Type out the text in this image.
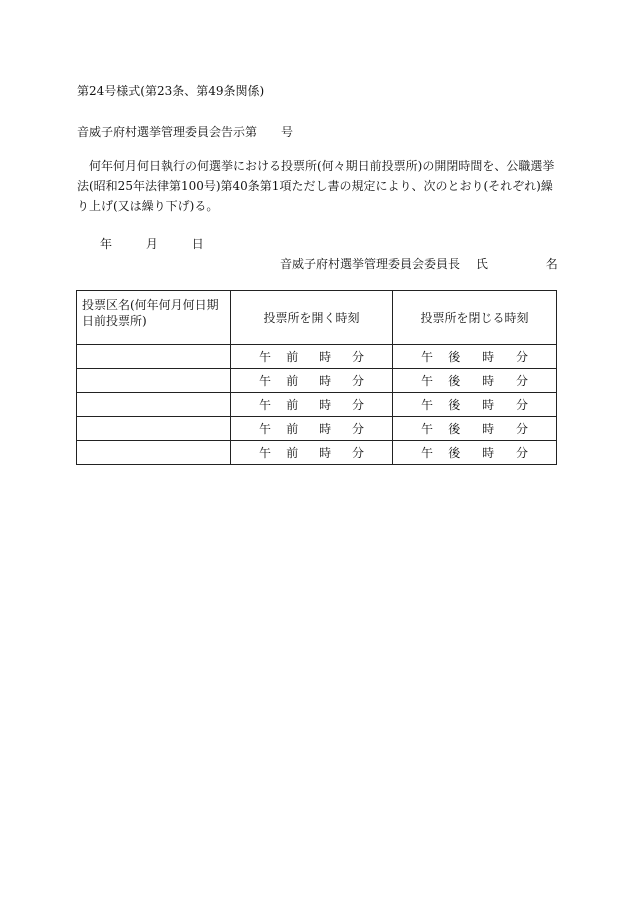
第24号様式(第23条、第49条関係)
音威子府村選挙管理委員会告示第　　号
何年何月何日執行の何選挙における投票所(何々期日前投票所)の開閉時間を、公職選挙法(昭和25年法律第100号)第40条第1項ただし書の規定により、次のとおり(それぞれ)繰り上げ(又は繰り下げ)る。
年	月	日
音威子府村選挙管理委員会委員長 氏	名
投票区名(何年何月何日期日前投票所)	投票所を開く時刻	投票所を閉じる時刻

	午 前 時 分	午 後 時 分

	午 前 時 分	午 後 時 分

	午 前 時 分	午 後 時 分

	午 前 時 分	午 後 時 分

	午 前 時 分	午 後 時 分
